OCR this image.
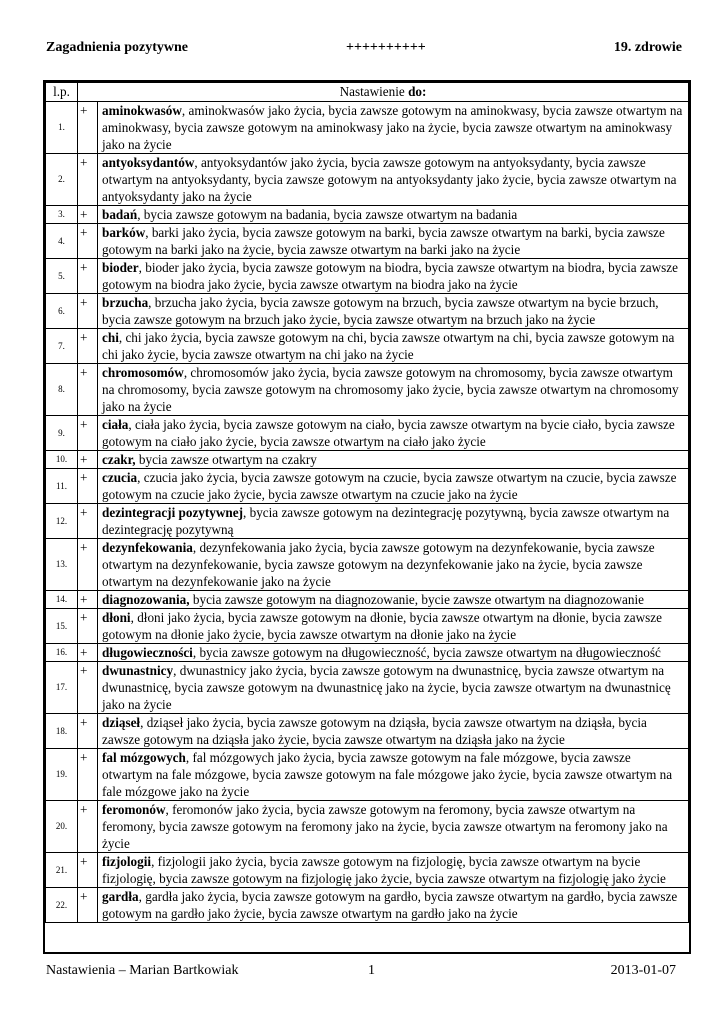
Zagadnienia pozytywne	++++++++++	19. zdrowie
l.p.	Nastawienie do:	
1.	+	aminokwasów, aminokwasów jako życia, bycia zawsze gotowym na aminokwasy, bycia zawsze otwartym na aminokwasy, bycia zawsze gotowym na aminokwasy jako na życie, bycia zawsze otwartym na aminokwasy jako na życie
2.	+	antyoksydantów, antyoksydantów jako życia, bycia zawsze gotowym na antyoksydanty, bycia zawsze otwartym na antyoksydanty, bycia zawsze gotowym na antyoksydanty jako życie, bycia zawsze otwartym na antyoksydanty jako na życie
3.	+	badań, bycia zawsze gotowym na badania, bycia zawsze otwartym na badania
4.	+	barków, barki jako życia, bycia zawsze gotowym na barki, bycia zawsze otwartym na barki, bycia zawsze gotowym na barki jako na życie, bycia zawsze otwartym na barki jako na życie
5.	+	bioder, bioder jako życia, bycia zawsze gotowym na biodra, bycia zawsze otwartym na biodra, bycia zawsze gotowym na biodra jako życie, bycia zawsze otwartym na biodra jako na życie
6.	+	brzucha, brzucha jako życia, bycia zawsze gotowym na brzuch, bycia zawsze otwartym na bycie brzuch, bycia zawsze gotowym na brzuch jako życie, bycia zawsze otwartym na brzuch jako na życie
7.	+	chi, chi jako życia, bycia zawsze gotowym na chi, bycia zawsze otwartym na chi, bycia zawsze gotowym na chi jako życie, bycia zawsze otwartym na chi jako na życie
8.	+	chromosomów, chromosomów jako życia, bycia zawsze gotowym na chromosomy, bycia zawsze otwartym na chromosomy, bycia zawsze gotowym na chromosomy jako życie, bycia zawsze otwartym na chromosomy jako na życie
9.	+	ciała, ciała jako życia, bycia zawsze gotowym na ciało, bycia zawsze otwartym na bycie ciało, bycia zawsze gotowym na ciało jako życie, bycia zawsze otwartym na ciało jako życie
10.	+	czakr, bycia zawsze otwartym na czakry
11.	+	czucia, czucia jako życia, bycia zawsze gotowym na czucie, bycia zawsze otwartym na czucie, bycia zawsze gotowym na czucie jako życie, bycia zawsze otwartym na czucie jako na życie
12.	+	dezintegracji pozytywnej, bycia zawsze gotowym na dezintegrację pozytywną, bycia zawsze otwartym na dezintegrację pozytywną
13.	+	dezynfekowania, dezynfekowania jako życia, bycia zawsze gotowym na dezynfekowanie, bycia zawsze otwartym na dezynfekowanie, bycia zawsze gotowym na dezynfekowanie jako na życie, bycia zawsze otwartym na dezynfekowanie jako na życie
14.	+	diagnozowania, bycia zawsze gotowym na diagnozowanie, bycie zawsze otwartym na diagnozowanie
15.	+	dłoni, dłoni jako życia, bycia zawsze gotowym na dłonie, bycia zawsze otwartym na dłonie, bycia zawsze gotowym na dłonie jako życie, bycia zawsze otwartym na dłonie jako na życie
16.	+	długowieczności, bycia zawsze gotowym na długowieczność, bycia zawsze otwartym na długowieczność
17.	+	dwunastnicy, dwunastnicy jako życia, bycia zawsze gotowym na dwunastnicę, bycia zawsze otwartym na dwunastnicę, bycia zawsze gotowym na dwunastnicę jako na życie, bycia zawsze otwartym na dwunastnicę jako na życie
18.	+	dziąseł, dziąseł jako życia, bycia zawsze gotowym na dziąsła, bycia zawsze otwartym na dziąsła, bycia zawsze gotowym na dziąsła jako życie, bycia zawsze otwartym na dziąsła jako na życie
19.	+	fal mózgowych, fal mózgowych jako życia, bycia zawsze gotowym na fale mózgowe, bycia zawsze otwartym na fale mózgowe, bycia zawsze gotowym na fale mózgowe jako życie, bycia zawsze otwartym na fale mózgowe jako na życie
20.	+	feromonów, feromonów jako życia, bycia zawsze gotowym na feromony, bycia zawsze otwartym na feromony, bycia zawsze gotowym na feromony jako na życie, bycia zawsze otwartym na feromony jako na życie
21.	+	fizjologii, fizjologii jako życia, bycia zawsze gotowym na fizjologię, bycia zawsze otwartym na bycie fizjologię, bycia zawsze gotowym na fizjologię jako życie, bycia zawsze otwartym na fizjologię jako życie
22.	+	gardła, gardła jako życia, bycia zawsze gotowym na gardło, bycia zawsze otwartym na gardło, bycia zawsze gotowym na gardło jako życie, bycia zawsze otwartym na gardło jako na życie
Nastawienia – Marian Bartkowiak	1	2013-01-07
